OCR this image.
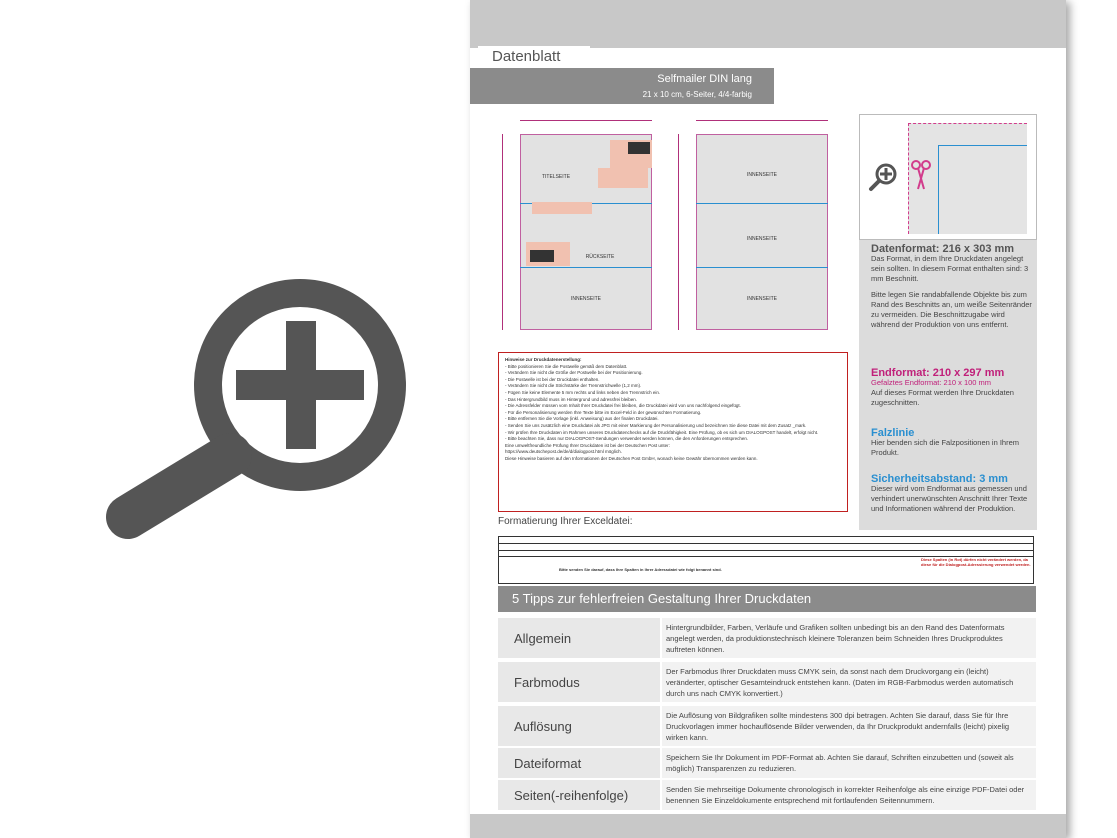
Datenblatt
Selfmailer DIN lang
21 x 10 cm, 6-Seiter, 4/4-farbig
TITELSEITE
RÜCKSEITE
INNENSEITE
INNENSEITE
INNENSEITE
INNENSEITE
Datenformat: 216 x 303 mm
Das Format, in dem Ihre Druckdaten angelegt sein sollten. In diesem Format enthalten sind: 3 mm Beschnitt.
Bitte legen Sie randabfallende Objekte bis zum Rand des Beschnitts an, um weiße Seitenränder zu vermeiden. Die Beschnittzugabe wird während der Produktion von uns entfernt.
Endformat: 210 x 297 mm
Gefalztes Endformat: 210 x 100 mm
Auf dieses Format werden Ihre Druckdaten zugeschnitten.
Falzlinie
Hier benden sich die Falzpositionen in Ihrem Produkt.
Sicherheitsabstand: 3 mm
Dieser wird vom Endformat aus gemessen und verhindert unerwünschten Anschnitt Ihrer Texte und Informationen während der Produktion.
Hinweise zur Druckdatenerstellung:
- Bitte positionieren Sie die Postwelle gemäß dem Datenblatt.
- Verändern Sie nicht die Größe der Postwelle bei der Positionierung.
- Die Postwelle ist bei der Druckdatei enthalten.
- Verändern Sie nicht die Strichstärke der Trennstrichwelle (1,2 mm).
- Fügen Sie keine Elemente 5 mm rechts und links neben den Trennstrich ein.
- Das Hintergrundbild muss im Hintergrund und adressfrei bleiben.
- Die Adressfelder müssen vom Inhalt Ihrer Druckdatei frei bleiben, die Druckdatei wird von uns nachfolgend eingefügt.
- Für die Personalisierung werden Ihre Texte bitte im Excel-Feld in der gewünschten Formatierung.
- Bitte entfernen Sie die Vorlage (inkl. Anweisung) aus der finalen Druckdatei.
- Senden Sie uns zusätzlich eine Druckdatei als JPG mit einer Markierung der Personalisierung und bezeichnen Sie diese Datei mit dem Zusatz _mark.
- Wir prüfen Ihre Druckdaten im Rahmen unseres Druckdatenchecks auf die Druckfähigkeit. Eine Prüfung, ob es sich um DIALOGPOST handelt, erfolgt nicht.
- Bitte beachten Sie, dass nur DIALOGPOST-Sendungen verwendet werden können, die den Anforderungen entsprechen.
Eine umweltfreundliche Prüfung Ihrer Druckdaten ist bei der Deutschen Post unter:
https://www.deutschepost.de/de/d/dialogpost.html möglich.
Diese Hinweise basieren auf den Informationen der Deutschen Post GmbH, wonach keine Gewähr übernommen werden kann.
Formatierung Ihrer Exceldatei:
Bitte senden Sie darauf, dass Ihre Spalten in Ihrer Adressdatei wie folgt benannt sind.
Diese Spalten (in Rot) dürfen nicht verändert werden, da diese für die Dialogpost-Adressierung verwendet werden.
5 Tipps zur fehlerfreien Gestaltung Ihrer Druckdaten
Allgemein
Hintergrundbilder, Farben, Verläufe und Grafiken sollten unbedingt bis an den Rand des Datenformats angelegt werden, da produktionstechnisch kleinere Toleranzen beim Schneiden Ihres Druckproduktes auftreten können.
Farbmodus
Der Farbmodus Ihrer Druckdaten muss CMYK sein, da sonst nach dem Druckvorgang ein (leicht) veränderter, optischer Gesamteindruck entstehen kann. (Daten im RGB-Farbmodus werden automatisch durch uns nach CMYK konvertiert.)
Auflösung
Die Auflösung von Bildgrafiken sollte mindestens 300 dpi betragen. Achten Sie darauf, dass Sie für Ihre Druckvorlagen immer hochauflösende Bilder verwenden, da Ihr Druckprodukt andernfalls (leicht) pixelig wirken kann.
Dateiformat	Speichern Sie Ihr Dokument im PDF-Format ab. Achten Sie darauf, Schriften einzubetten und (soweit als möglich) Transparenzen zu reduzieren.
Seiten(-reihenfolge)	Senden Sie mehrseitige Dokumente chronologisch in korrekter Reihenfolge als eine einzige PDF-Datei oder benennen Sie Einzeldokumente entsprechend mit fortlaufenden Seitennummern.
